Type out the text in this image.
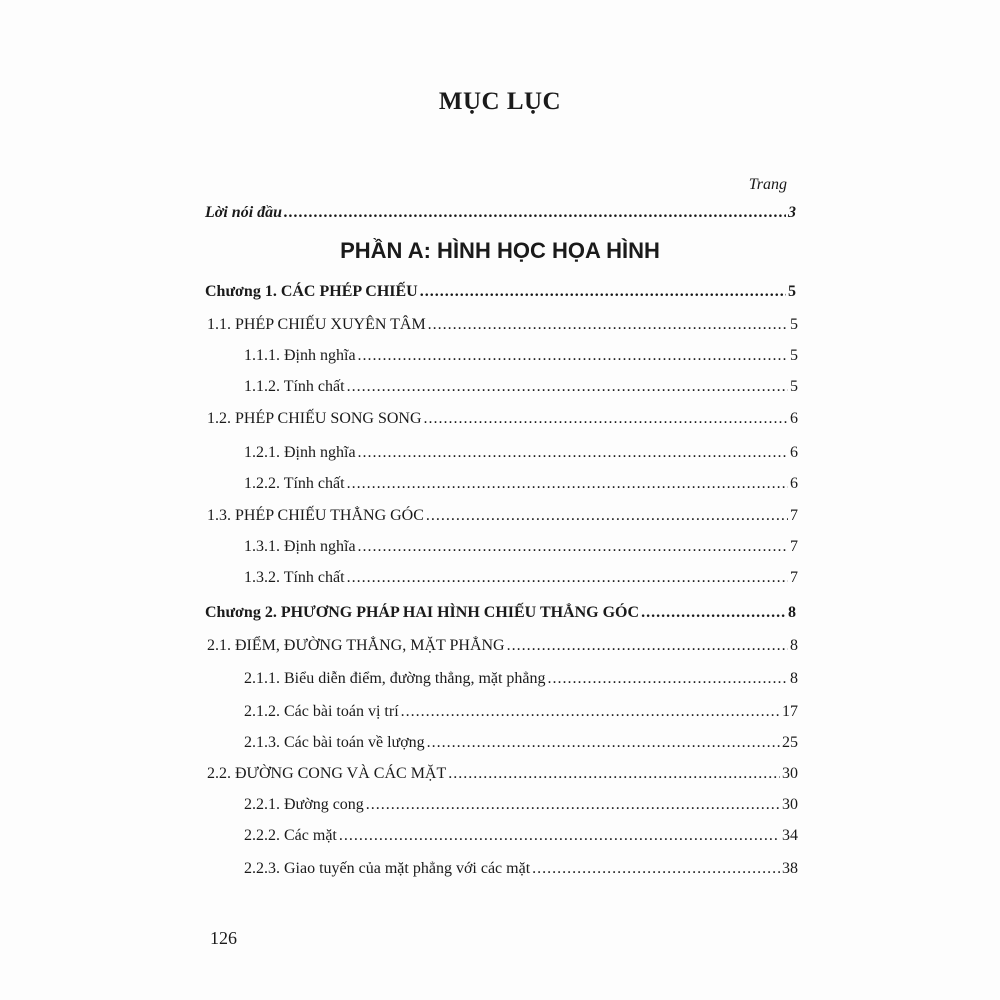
MỤC LỤC
Trang
Lời nói đầu .....	3
PHẦN A: HÌNH HỌC HỌA HÌNH
Chương 1. CÁC PHÉP CHIẾU .....	5
1.1. PHÉP CHIẾU XUYÊN TÂM .....	5
1.1.1. Định nghĩa .....	5
1.1.2. Tính chất .....	5
1.2. PHÉP CHIẾU SONG SONG .....	6
1.2.1. Định nghĩa .....	6
1.2.2. Tính chất .....	6
1.3. PHÉP CHIẾU THẲNG GÓC .....	7
1.3.1. Định nghĩa .....	7
1.3.2. Tính chất .....	7
Chương 2. PHƯƠNG PHÁP HAI HÌNH CHIẾU THẲNG GÓC .....	8
2.1. ĐIỂM, ĐƯỜNG THẲNG, MẶT PHẲNG .....	8
2.1.1. Biểu diễn điểm, đường thẳng, mặt phẳng .....	8
2.1.2. Các bài toán vị trí .....	17
2.1.3. Các bài toán về lượng .....	25
2.2. ĐƯỜNG CONG VÀ CÁC MẶT .....	30
2.2.1. Đường cong .....	30
2.2.2. Các mặt .....	34
2.2.3. Giao tuyến của mặt phẳng với các mặt .....	38
126
